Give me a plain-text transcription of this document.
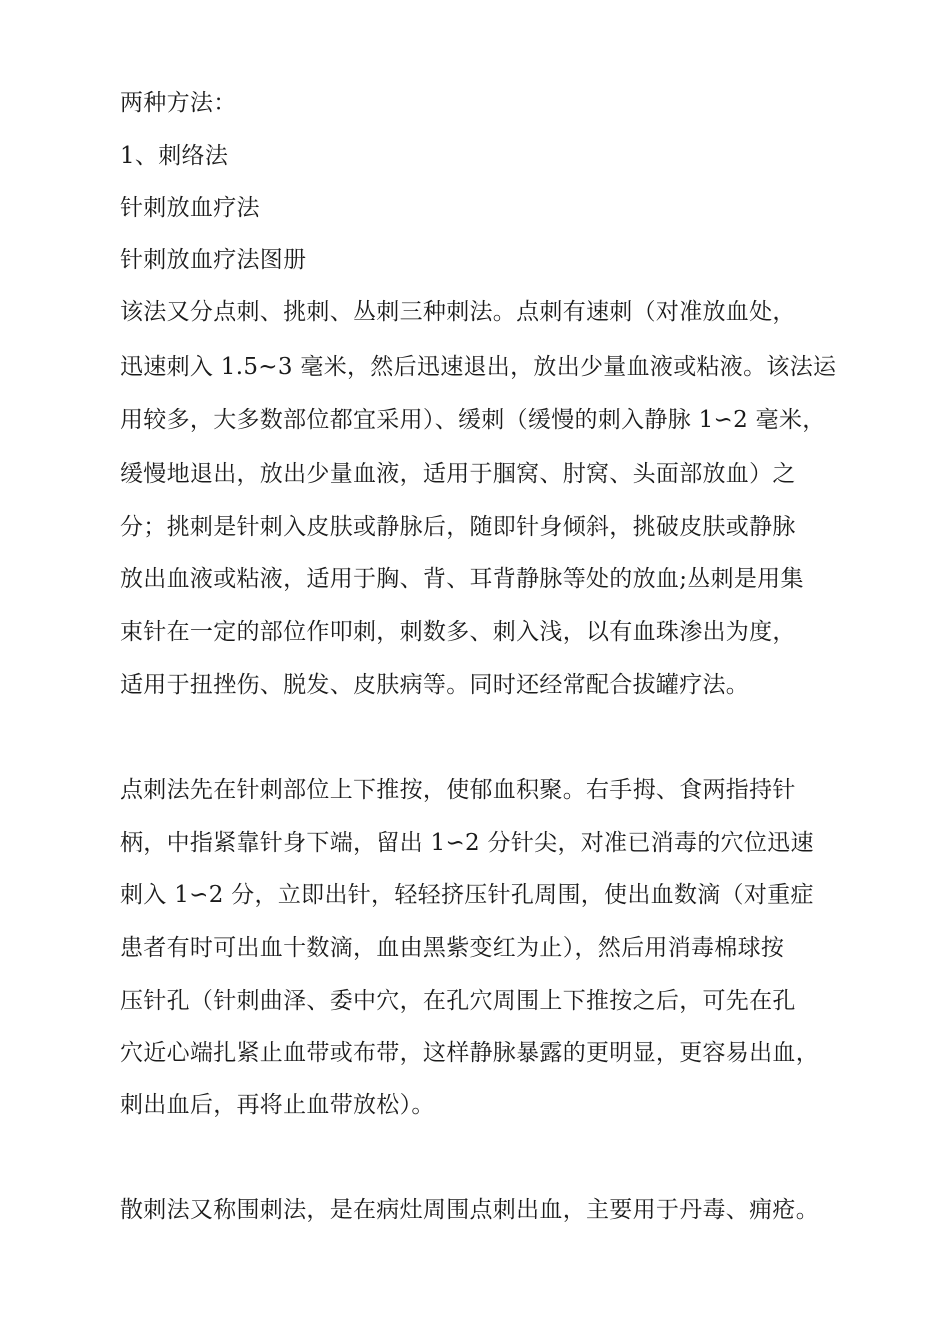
两种方法：

1、刺络法

针刺放血疗法

针刺放血疗法图册

该法又分点刺、挑刺、丛刺三种刺法。点刺有速刺（对准放血处，

迅速刺入 1.5~3 毫米，然后迅速退出，放出少量血液或粘液。该法运

用较多，大多数部位都宜采用）、缓刺（缓慢的刺入静脉 1∽2 毫米，

缓慢地退出，放出少量血液，适用于腘窝、肘窝、头面部放血）之

分；挑刺是针刺入皮肤或静脉后，随即针身倾斜，挑破皮肤或静脉

放出血液或粘液，适用于胸、背、耳背静脉等处的放血;丛刺是用集

束针在一定的部位作叩刺，刺数多、刺入浅，以有血珠渗出为度，

适用于扭挫伤、脱发、皮肤病等。同时还经常配合拔罐疗法。

点刺法先在针刺部位上下推按，使郁血积聚。右手拇、食两指持针

柄，中指紧靠针身下端，留出 1∽2 分针尖，对准已消毒的穴位迅速

刺入 1∽2 分，立即出针，轻轻挤压针孔周围，使出血数滴（对重症

患者有时可出血十数滴，血由黑紫变红为止），然后用消毒棉球按

压针孔（针刺曲泽、委中穴，在孔穴周围上下推按之后，可先在孔

穴近心端扎紧止血带或布带，这样静脉暴露的更明显，更容易出血，

刺出血后，再将止血带放松）。

散刺法又称围刺法，是在病灶周围点刺出血，主要用于丹毒、痈疮。
